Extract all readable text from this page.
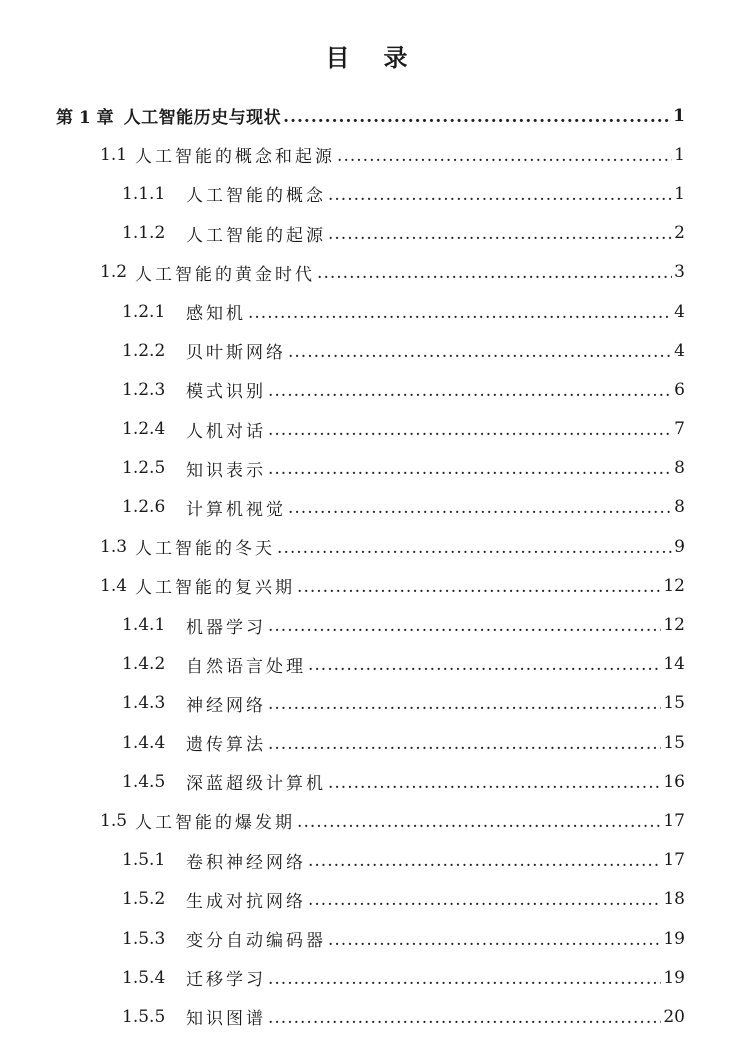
目 录
第 1 章 人工智能历史与现状 .....	1
1.1 人工智能的概念和起源 .....	1
1.1.1	人工智能的概念 .....	1
1.1.2	人工智能的起源 .....	2
1.2 人工智能的黄金时代 .....	3
1.2.1	感知机 .....	4
1.2.2	贝叶斯网络 .....	4
1.2.3	模式识别 .....	6
1.2.4	人机对话 .....	7
1.2.5	知识表示 .....	8
1.2.6	计算机视觉 .....	8
1.3 人工智能的冬天 .....	9
1.4 人工智能的复兴期 .....	12
1.4.1	机器学习 .....	12
1.4.2	自然语言处理 .....	14
1.4.3	神经网络 .....	15
1.4.4	遗传算法 .....	15
1.4.5	深蓝超级计算机 .....	16
1.5 人工智能的爆发期 .....	17
1.5.1	卷积神经网络 .....	17
1.5.2	生成对抗网络 .....	18
1.5.3	变分自动编码器 .....	19
1.5.4	迁移学习 .....	19
1.5.5	知识图谱 .....	20
